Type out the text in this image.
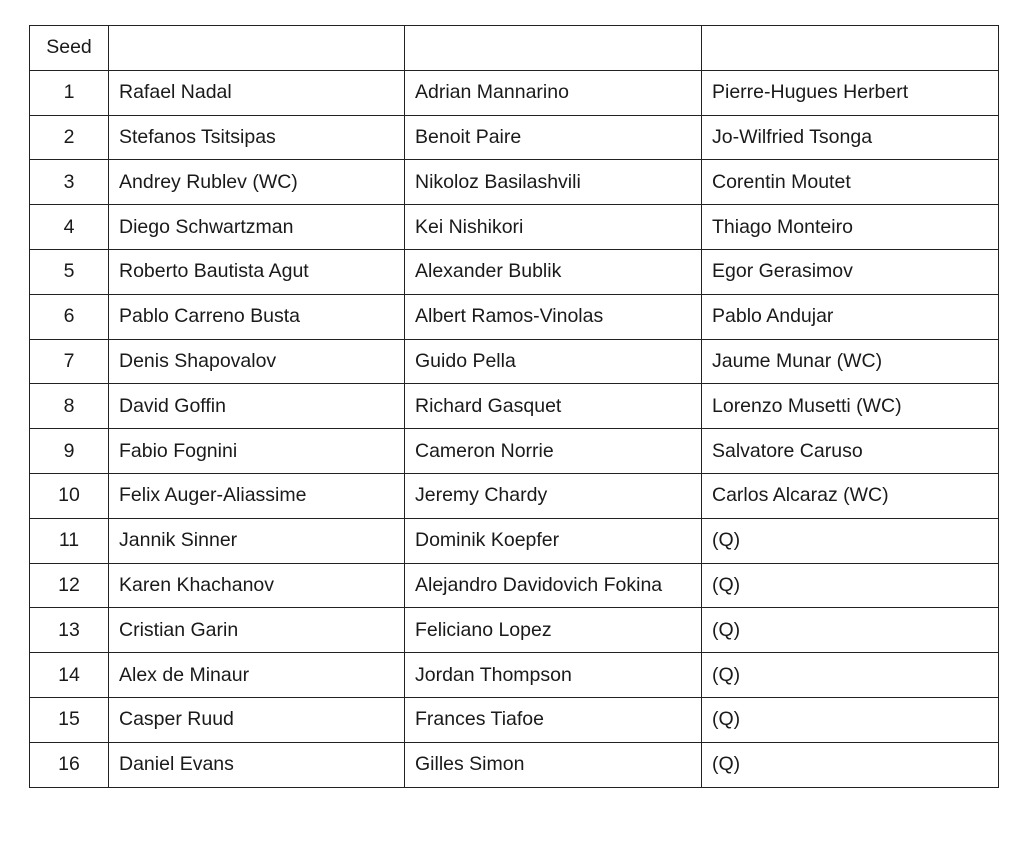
Seed			
1	Rafael Nadal	Adrian Mannarino	Pierre-Hugues Herbert
2	Stefanos Tsitsipas	Benoit Paire	Jo-Wilfried Tsonga
3	Andrey Rublev (WC)	Nikoloz Basilashvili	Corentin Moutet
4	Diego Schwartzman	Kei Nishikori	Thiago Monteiro
5	Roberto Bautista Agut	Alexander Bublik	Egor Gerasimov
6	Pablo Carreno Busta	Albert Ramos-Vinolas	Pablo Andujar
7	Denis Shapovalov	Guido Pella	Jaume Munar (WC)
8	David Goffin	Richard Gasquet	Lorenzo Musetti (WC)
9	Fabio Fognini	Cameron Norrie	Salvatore Caruso
10	Felix Auger-Aliassime	Jeremy Chardy	Carlos Alcaraz (WC)
11	Jannik Sinner	Dominik Koepfer	(Q)
12	Karen Khachanov	Alejandro Davidovich Fokina	(Q)
13	Cristian Garin	Feliciano Lopez	(Q)
14	Alex de Minaur	Jordan Thompson	(Q)
15	Casper Ruud	Frances Tiafoe	(Q)
16	Daniel Evans	Gilles Simon	(Q)
